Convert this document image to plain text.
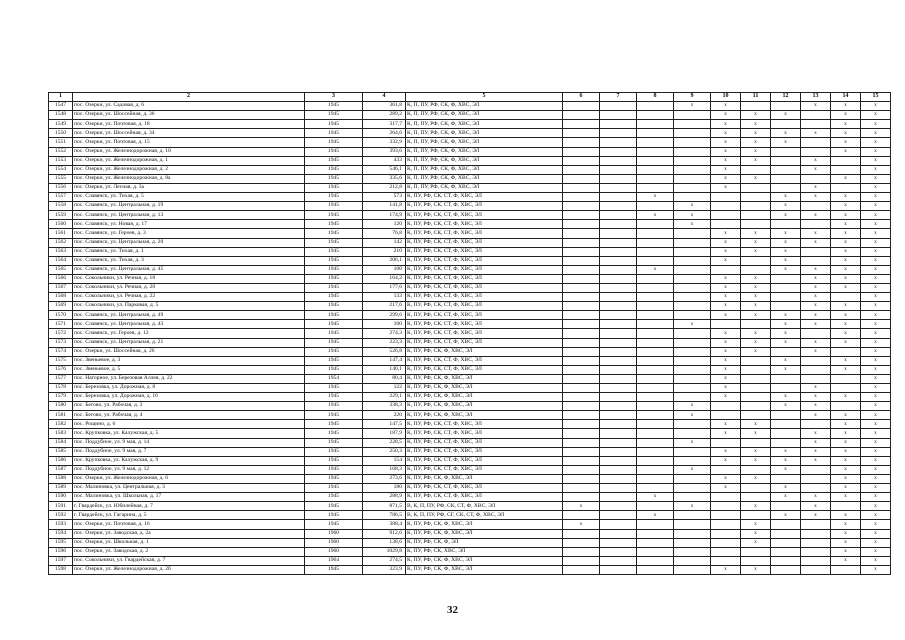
1	2	3	4	5	6	7	8	9	10	11	12	13	14	15
1547	пос. Озерки, ул. Садовая, д. 6	1945	361,8	К, П, ПУ, РФ, СК, Ф, ХВС, ЭЛ				x	x			x	x	x
1548	пос. Озерки, ул. Шоссейная, д. 36	1945	289,2	К, П, ПУ, РФ, СК, Ф, ХВС, ЭЛ					x	x	x		x	x
1549	пос. Озерки, ул. Почтовая, д. 18	1945	317,7	К, П, ПУ, РФ, СК, Ф, ХВС, ЭЛ					x	x			x	x
1550	пос. Озерки, ул. Шоссейная, д. 34	1945	264,6	К, П, ПУ, РФ, СК, Ф, ХВС, ЭЛ					x	x	x	x	x	x
1551	пос. Озерки, ул. Почтовая, д. 15	1945	332,9	К, П, ПУ, РФ, СК, Ф, ХВС, ЭЛ					x	x	x		x	x
1552	пос. Озерки, ул. Железнодорожная, д. 10	1945	393,6	К, П, ПУ, РФ, СК, Ф, ХВС, ЭЛ					x	x			x	x
1553	пос. Озерки, ул. Железнодорожная, д. 1	1945	433	К, П, ПУ, РФ, СК, Ф, ХВС, ЭЛ					x	x		x		x
1554	пос. Озерки, ул. Железнодорожная, д. 2	1945	546,1	К, П, ПУ, РФ, СК, Ф, ХВС, ЭЛ					x			x		x
1555	пос. Озерки, ул. Железнодорожная, д. 8а	1945	335,6	К, П, ПУ, РФ, СК, Ф, ХВС, ЭЛ					x	x			x	x
1556	пос. Озерки, ул. Лесная, д. 3а	1945	212,8	К, П, ПУ, РФ, СК, Ф, ХВС, ЭЛ					x			x		x
1557	пос. Славянск, ул. Тихая, д. 5	1945	573	К, ПУ, РФ, СК, СТ, Ф, ХВС, ЭЛ			x				x	x	x	x
1558	пос. Славянск, ул. Центральная, д. 19	1945	141,8	К, ПУ, РФ, СК, СТ, Ф, ХВС, ЭЛ				x			x		x	x
1559	пос. Славянск, ул. Центральная, д. 13	1945	174,9	К, ПУ, РФ, СК, СТ, Ф, ХВС, ЭЛ			x	x			x	x	x	x
1560	пос. Славянск, ул. Новая, д. 17	1945	120	К, ПУ, РФ, СК, СТ, Ф, ХВС, ЭЛ				x					x	x
1561	пос. Славянск, ул. Героев, д. 3	1945	76,8	К, ПУ, РФ, СК, СТ, Ф, ХВС, ЭЛ					x	x	x	x	x	x
1562	пос. Славянск, ул. Центральная, д. 20	1945	142	К, ПУ, РФ, СК, СТ, Ф, ХВС, ЭЛ					x	x	x	x	x	x
1563	пос. Славянск, ул. Тихая, д. 1	1945	210	К, ПУ, РФ, СК, СТ, Ф, ХВС, ЭЛ					x	x	x		x	x
1564	пос. Славянск, ул. Тихая, д. 3	1945	206,1	К, ПУ, РФ, СК, СТ, Ф, ХВС, ЭЛ					x		x		x	x
1565	пос. Славянск, ул. Центральная, д. 45	1945	100	К, ПУ, РФ, СК, СТ, Ф, ХВС, ЭЛ			x				x	x	x	x
1566	пос. Сокольники, ул. Речная, д. 18	1945	164,2	К, ПУ, РФ, СК, СТ, Ф, ХВС, ЭЛ					x	x		x	x	x
1567	пос. Сокольники, ул. Речная, д. 20	1945	177,6	К, ПУ, РФ, СК, СТ, Ф, ХВС, ЭЛ					x	x		x	x	x
1568	пос. Сокольники, ул. Речная, д. 22	1945	133	К, ПУ, РФ, СК, СТ, Ф, ХВС, ЭЛ					x	x		x		x
1569	пос. Сокольники, ул. Парковая, д. 5	1945	217,6	К, ПУ, РФ, СК, СТ, Ф, ХВС, ЭЛ					x	x		x	x	x
1570	пос. Славянск, ул. Центральная, д. 49	1945	299,6	К, ПУ, РФ, СК, СТ, Ф, ХВС, ЭЛ					x	x	x	x	x	x
1571	пос. Славянск, ул. Центральная, д. 43	1945	100	К, ПУ, РФ, СК, СТ, Ф, ХВС, ЭЛ				x			x	x	x	x
1572	пос. Славянск, ул. Героев, д. 12	1945	274,3	К, ПУ, РФ, СК, СТ, Ф, ХВС, ЭЛ					x	x	x		x	x
1573	пос. Славянск, ул. Центральная, д. 21	1945	223,3	К, ПУ, РФ, СК, СТ, Ф, ХВС, ЭЛ					x	x	x	x	x	x
1574	пос. Озерки, ул. Шоссейная, д. 26	1945	526,8	К, ПУ, РФ, СК, Ф, ХВС, ЭЛ					x	x		x		x
1575	пос. Звеньевое, д. 3	1945	147,4	К, ПУ, РФ, СК, СТ, Ф, ХВС, ЭЛ					x		x		x	x
1576	пос. Звеньевое, д. 5	1945	140,1	К, ПУ, РФ, СК, СТ, Ф, ХВС, ЭЛ					x		x		x	x
1577	пос. Нагорное, ул. Березовая Аллея, д. 22	1954	80,4	К, ПУ, РФ, СК, Ф, ХВС, ЭЛ					x					x
1578	пос. Березовка, ул. Дорожная, д. 8	1945	122	К, ПУ, РФ, СК, Ф, ХВС, ЭЛ					x			x		x
1579	пос. Березовка, ул. Дорожная, д. 16	1945	229,1	К, ПУ, РФ, СК, Ф, ХВС, ЭЛ					x		x	x	x	x
1580	пос. Бегово, ул. Рабочая, д. 3	1945	338,3	К, ПУ, РФ, СК, Ф, ХВС, ЭЛ				x			x	x		x
1581	пос. Бегово, ул. Рабочая, д. 4	1945	220	К, ПУ, РФ, СК, Ф, ХВС, ЭЛ				x				x	x	x
1582	пос. Рощино, д. 6	1945	147,5	К, ПУ, РФ, СК, СТ, Ф, ХВС, ЭЛ					x	x			x	x
1583	пос. Крупковка, ул. Калужская, д. 5	1945	187,9	К, ПУ, РФ, СК, СТ, Ф, ХВС, ЭЛ					x	x		x	x	x
1584	пос. Поддубное, ул. 9 мая, д. 14	1945	228,5	К, ПУ, РФ, СК, СТ, Ф, ХВС, ЭЛ				x				x	x	x
1585	пос. Поддубное, ул. 9 мая, д. 7	1945	250,3	К, ПУ, РФ, СК, СТ, Ф, ХВС, ЭЛ					x	x	x	x	x	x
1586	пос. Крупковка, ул. Калужская, д. 9	1945	154	К, ПУ, РФ, СК, СТ, Ф, ХВС, ЭЛ					x	x	x	x	x	x
1587	пос. Поддубное, ул. 9 мая, д. 12	1945	168,3	К, ПУ, РФ, СК, СТ, Ф, ХВС, ЭЛ				x			x		x	x
1588	пос. Озерки, ул. Железнодорожная, д. 6	1945	273,6	К, ПУ, РФ, СК, Ф, ХВС, ЭЛ					x	x			x	x
1589	пос. Малиновка, ул. Центральная, д. 3	1945	180	К, ПУ, РФ, СК, СТ, Ф, ХВС, ЭЛ					x		x		x	x
1590	пос. Малиновка, ул. Школьная, д. 17	1945	288,9	К, ПУ, РФ, СК, СТ, Ф, ХВС, ЭЛ			x				x	x	x	x
1591	г. Гвардейск, ул. Юбилейная, д. 7	1945	871,5	В, К, П, ПУ, РФ, СК, СТ, Ф, ХВС, ЭЛ	x			x		x		x		x
1592	г. Гвардейск, ул. Гагарина, д. 5	1945	786,5	В, К, П, ПУ, РФ, СГ, СК, СТ, Ф, ХВС, ЭЛ			x				x	x	x	x
1593	пос. Озерки, ул. Почтовая, д. 16	1945	388,4	К, ПУ, РФ, СК, Ф, ХВС, ЭЛ	x					x			x	x
1594	пос. Озерки, ул. Заводская, д. 2а	1960	912,6	К, ПУ, РФ, СК, Ф, ХВС, ЭЛ						x			x	x
1595	пос. Озерки, ул. Школьная, д. 1	1960	138,6	К, ПУ, РФ, СК, Ф, ЭЛ						x			x	x
1596	пос. Озерки, ул. Заводская, д. 2	1960	1029,8	К, ПУ, РФ, СК, ХВС, ЭЛ									x	x
1597	пос. Сокольники, ул. Гвардейская, д. 7	1964	274,5	К, ПУ, РФ, СК, Ф, ХВС, ЭЛ									x	x
1598	пос. Озерки, ул. Железнодорожная, д. 2б	1945	323,9	К, ПУ, РФ, СК, Ф, ХВС, ЭЛ					x	x				x
32
